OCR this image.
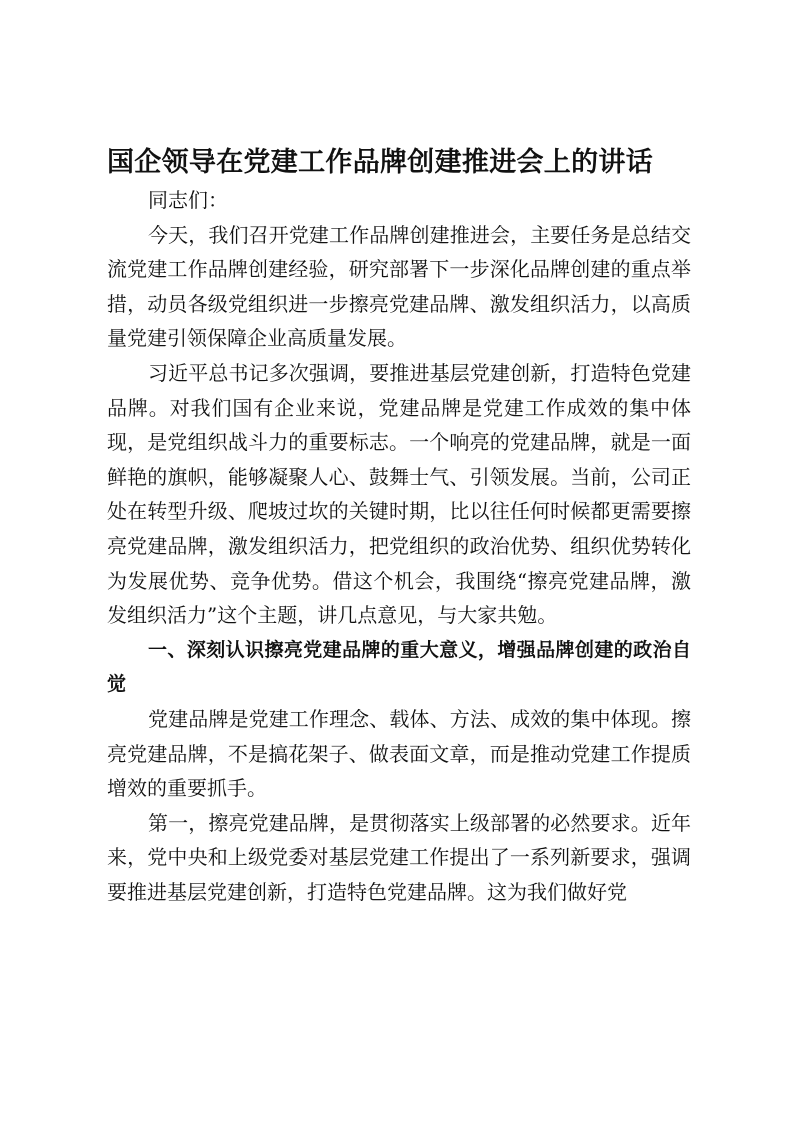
国企领导在党建工作品牌创建推进会上的讲话

同志们：

今天，我们召开党建工作品牌创建推进会，主要任务是总结交流党建工作品牌创建经验，研究部署下一步深化品牌创建的重点举措，动员各级党组织进一步擦亮党建品牌、激发组织活力，以高质量党建引领保障企业高质量发展。

习近平总书记多次强调，要推进基层党建创新，打造特色党建品牌。对我们国有企业来说，党建品牌是党建工作成效的集中体现，是党组织战斗力的重要标志。一个响亮的党建品牌，就是一面鲜艳的旗帜，能够凝聚人心、鼓舞士气、引领发展。当前，公司正处在转型升级、爬坡过坎的关键时期，比以往任何时候都更需要擦亮党建品牌，激发组织活力，把党组织的政治优势、组织优势转化为发展优势、竞争优势。借这个机会，我围绕“擦亮党建品牌，激发组织活力”这个主题，讲几点意见，与大家共勉。

一、深刻认识擦亮党建品牌的重大意义，增强品牌创建的政治自觉

党建品牌是党建工作理念、载体、方法、成效的集中体现。擦亮党建品牌，不是搞花架子、做表面文章，而是推动党建工作提质增效的重要抓手。

第一，擦亮党建品牌，是贯彻落实上级部署的必然要求。近年来，党中央和上级党委对基层党建工作提出了一系列新要求，强调要推进基层党建创新，打造特色党建品牌。这为我们做好党
